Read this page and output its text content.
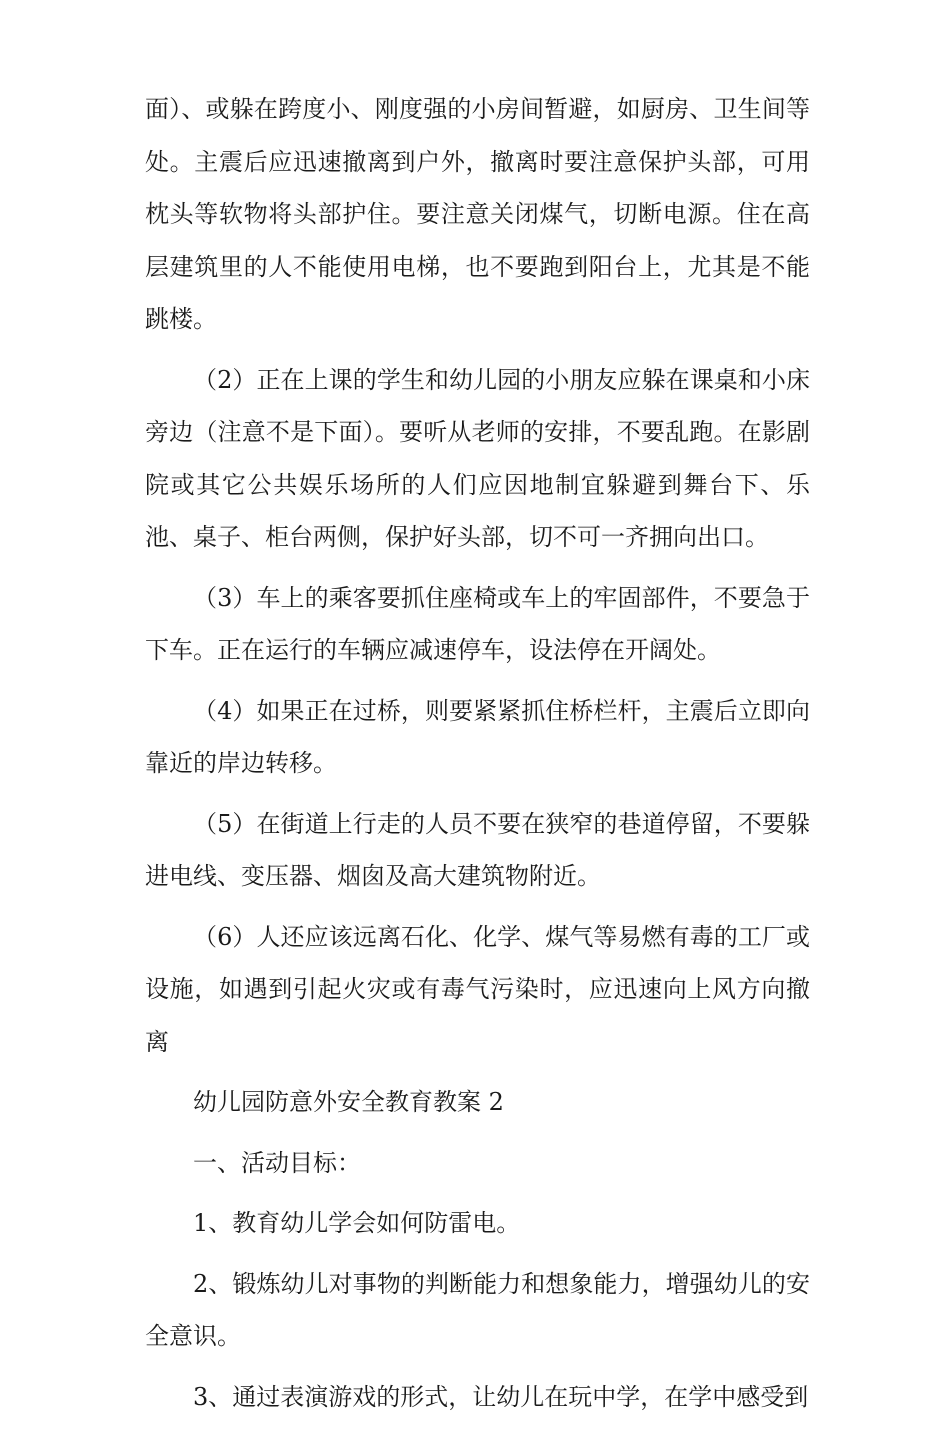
面）、或躲在跨度小、刚度强的小房间暂避，如厨房、卫生间等处。主震后应迅速撤离到户外，撤离时要注意保护头部，可用枕头等软物将头部护住。要注意关闭煤气，切断电源。住在高层建筑里的人不能使用电梯，也不要跑到阳台上，尤其是不能跳楼。

（2）正在上课的学生和幼儿园的小朋友应躲在课桌和小床旁边（注意不是下面）。要听从老师的安排，不要乱跑。在影剧院或其它公共娱乐场所的人们应因地制宜躲避到舞台下、乐池、桌子、柜台两侧，保护好头部，切不可一齐拥向出口。

（3）车上的乘客要抓住座椅或车上的牢固部件，不要急于下车。正在运行的车辆应减速停车，设法停在开阔处。

（4）如果正在过桥，则要紧紧抓住桥栏杆，主震后立即向靠近的岸边转移。

（5）在街道上行走的人员不要在狭窄的巷道停留，不要躲进电线、变压器、烟囱及高大建筑物附近。

（6）人还应该远离石化、化学、煤气等易燃有毒的工厂或设施，如遇到引起火灾或有毒气污染时，应迅速向上风方向撤离

幼儿园防意外安全教育教案 2

一、活动目标：

1、教育幼儿学会如何防雷电。

2、锻炼幼儿对事物的判断能力和想象能力，增强幼儿的安全意识。

3、通过表演游戏的形式，让幼儿在玩中学，在学中感受到
